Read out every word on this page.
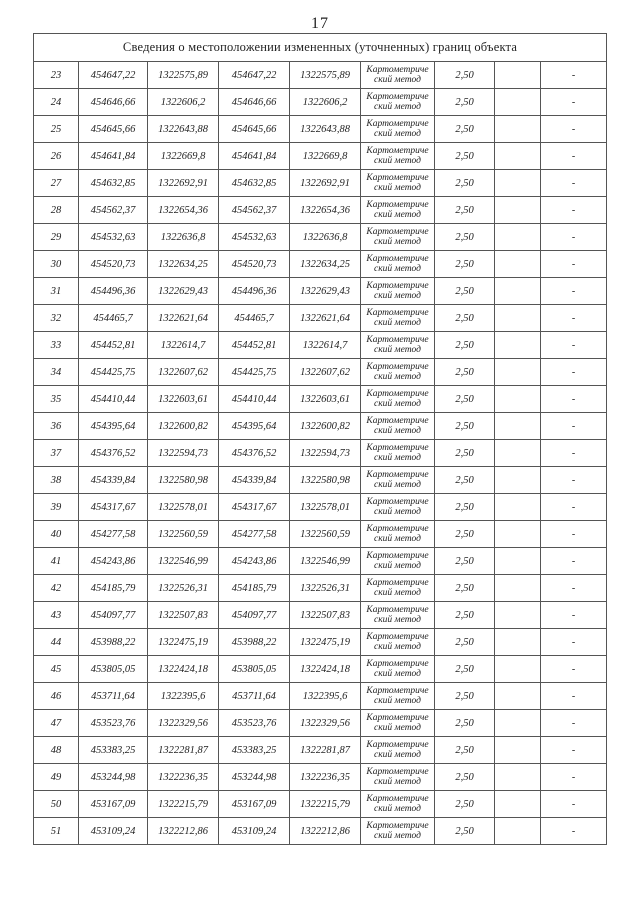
17
Сведения о местоположении измененных (уточненных) границ объекта								
23	454647,22	1322575,89	454647,22	1322575,89	Картометриче
ский метод	2,50		-
24	454646,66	1322606,2	454646,66	1322606,2	Картометриче
ский метод	2,50		-
25	454645,66	1322643,88	454645,66	1322643,88	Картометриче
ский метод	2,50		-
26	454641,84	1322669,8	454641,84	1322669,8	Картометриче
ский метод	2,50		-
27	454632,85	1322692,91	454632,85	1322692,91	Картометриче
ский метод	2,50		-
28	454562,37	1322654,36	454562,37	1322654,36	Картометриче
ский метод	2,50		-
29	454532,63	1322636,8	454532,63	1322636,8	Картометриче
ский метод	2,50		-
30	454520,73	1322634,25	454520,73	1322634,25	Картометриче
ский метод	2,50		-
31	454496,36	1322629,43	454496,36	1322629,43	Картометриче
ский метод	2,50		-
32	454465,7	1322621,64	454465,7	1322621,64	Картометриче
ский метод	2,50		-
33	454452,81	1322614,7	454452,81	1322614,7	Картометриче
ский метод	2,50		-
34	454425,75	1322607,62	454425,75	1322607,62	Картометриче
ский метод	2,50		-
35	454410,44	1322603,61	454410,44	1322603,61	Картометриче
ский метод	2,50		-
36	454395,64	1322600,82	454395,64	1322600,82	Картометриче
ский метод	2,50		-
37	454376,52	1322594,73	454376,52	1322594,73	Картометриче
ский метод	2,50		-
38	454339,84	1322580,98	454339,84	1322580,98	Картометриче
ский метод	2,50		-
39	454317,67	1322578,01	454317,67	1322578,01	Картометриче
ский метод	2,50		-
40	454277,58	1322560,59	454277,58	1322560,59	Картометриче
ский метод	2,50		-
41	454243,86	1322546,99	454243,86	1322546,99	Картометриче
ский метод	2,50		-
42	454185,79	1322526,31	454185,79	1322526,31	Картометриче
ский метод	2,50		-
43	454097,77	1322507,83	454097,77	1322507,83	Картометриче
ский метод	2,50		-
44	453988,22	1322475,19	453988,22	1322475,19	Картометриче
ский метод	2,50		-
45	453805,05	1322424,18	453805,05	1322424,18	Картометриче
ский метод	2,50		-
46	453711,64	1322395,6	453711,64	1322395,6	Картометриче
ский метод	2,50		-
47	453523,76	1322329,56	453523,76	1322329,56	Картометриче
ский метод	2,50		-
48	453383,25	1322281,87	453383,25	1322281,87	Картометриче
ский метод	2,50		-
49	453244,98	1322236,35	453244,98	1322236,35	Картометриче
ский метод	2,50		-
50	453167,09	1322215,79	453167,09	1322215,79	Картометриче
ский метод	2,50		-
51	453109,24	1322212,86	453109,24	1322212,86	Картометриче
ский метод	2,50		-
